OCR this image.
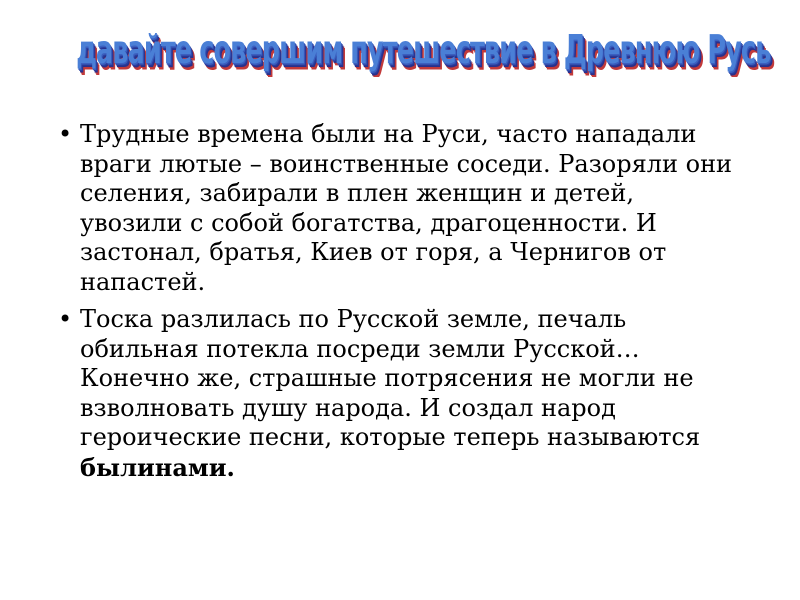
давайте совершим путешествие в Древнюю Русь
• Трудные времена были на Руси, часто нападали враги лютые – воинственные соседи. Разоряли они селения, забирали в плен женщин и детей, увозили с собой богатства, драгоценности. И застонал, братья, Киев от горя, а Чернигов от напастей.
• Тоска разлилась по Русской земле, печаль обильная потекла посреди земли Русской… Конечно же, страшные потрясения не могли не взволновать душу народа. И создал народ героические песни, которые теперь называются былинами.
